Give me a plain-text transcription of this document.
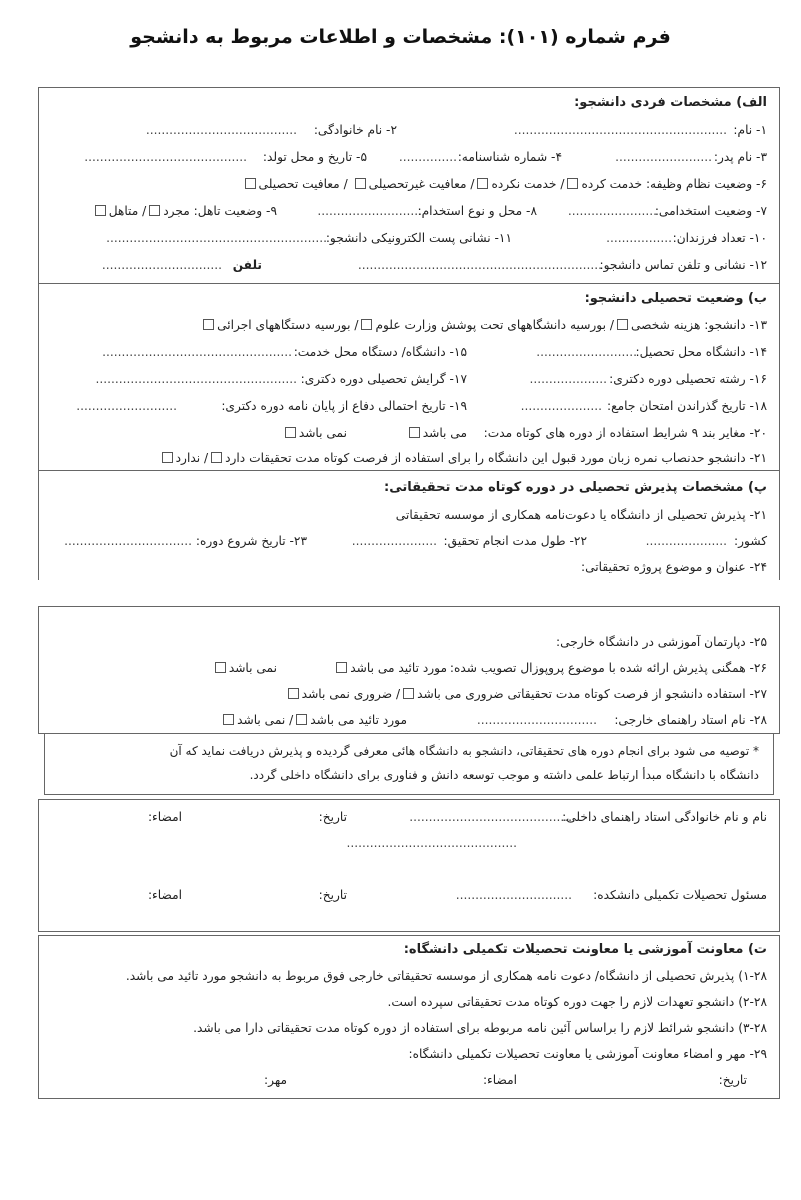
فرم شماره (۱۰۱): مشخصات و اطلاعات مربوط به دانشجو
الف) مشخصات فردی دانشجو:
۱- نام:
.......................................................
۲- نام خانوادگی:
.......................................
۳- نام پدر:
.........................
۴- شماره شناسنامه:
...............
۵- تاریخ و محل تولد:
..........................................
۶- وضعیت نظام وظیفه: خدمت کرده/ خدمت نکرده/ معافیت غیرتحصیلی / معافیت تحصیلی
۷- وضعیت استخدامی:
.......................
۸- محل و نوع استخدام:
...........................
۹- وضعیت تاهل: مجرد/ متاهل
۱۰- تعداد فرزندان:
.................
۱۱- نشانی پست الکترونیکی دانشجو:
.........................................................
۱۲- نشانی و تلفن تماس دانشجو:
...............................................................
تلفن
...............................
ب) وضعیت تحصیلی دانشجو:
۱۳- دانشجو: هزینه شخصی/ بورسیه دانشگاههای تحت پوشش وزارت علوم/ بورسیه دستگاههای اجرائی
۱۴- دانشگاه محل تحصیل:
..........................
۱۵- دانشگاه/ دستگاه محل خدمت:
.................................................
۱۶- رشته تحصیلی دوره دکتری:
....................
۱۷- گرایش تحصیلی دوره دکتری:
....................................................
۱۸- تاریخ گذراندن امتحان جامع:
.....................
۱۹- تاریخ احتمالی دفاع از پایان نامه دوره دکتری:
..........................
۲۰- مغایر بند ۹ شرایط استفاده از دوره های کوتاه مدت:
می باشد
نمی باشد
۲۱- دانشجو حدنصاب نمره زبان مورد قبول این دانشگاه را برای استفاده از فرصت کوتاه مدت تحقیقات دارد/ ندارد
پ) مشخصات پذیرش تحصیلی در دوره کوتاه مدت تحقیقاتی:
۲۱- پذیرش تحصیلی از دانشگاه یا دعوت‌نامه همکاری از موسسه تحقیقاتی
کشور:
.....................
۲۲- طول مدت انجام تحقیق:
......................
۲۳- تاریخ شروع دوره:
.................................
۲۴- عنوان و موضوع پروژه تحقیقاتی:
۲۵- دپارتمان آموزشی در دانشگاه خارجی:
۲۶- همگنی پذیرش ارائه شده با موضوع پروپوزال تصویب شده:
مورد تائید می باشد
نمی باشد
۲۷- استفاده دانشجو از فرصت کوتاه مدت تحقیقاتی ضروری می باشد/ ضروری نمی باشد
۲۸- نام استاد راهنمای خارجی:
...............................
مورد تائید می باشد/ نمی باشد
* توصیه می شود برای انجام دوره های تحقیقاتی، دانشجو به دانشگاه هائی معرفی گردیده و پذیرش دریافت نماید که آن
دانشگاه با دانشگاه مبدأ ارتباط علمی داشته و موجب توسعه دانش و فناوری برای دانشگاه داخلی گردد.
نام و نام خانوادگی استاد راهنمای داخلی:
..........................................
تاریخ:
امضاء:
............................................
مسئول تحصیلات تکمیلی دانشکده:
..............................
تاریخ:
امضاء:
ت) معاونت آموزشی یا معاونت تحصیلات تکمیلی دانشگاه:
۱-۲۸) پذیرش تحصیلی از دانشگاه/ دعوت نامه همکاری از موسسه تحقیقاتی خارجی فوق مربوط به دانشجو مورد تائید می باشد.
۲-۲۸) دانشجو تعهدات لازم را جهت دوره کوتاه مدت تحقیقاتی سپرده است.
۳-۲۸) دانشجو شرائط لازم را براساس آئین نامه مربوطه برای استفاده از دوره کوتاه مدت تحقیقاتی دارا می باشد.
۲۹- مهر و امضاء معاونت آموزشی یا معاونت تحصیلات تکمیلی دانشگاه:
تاریخ:
امضاء:
مهر:
